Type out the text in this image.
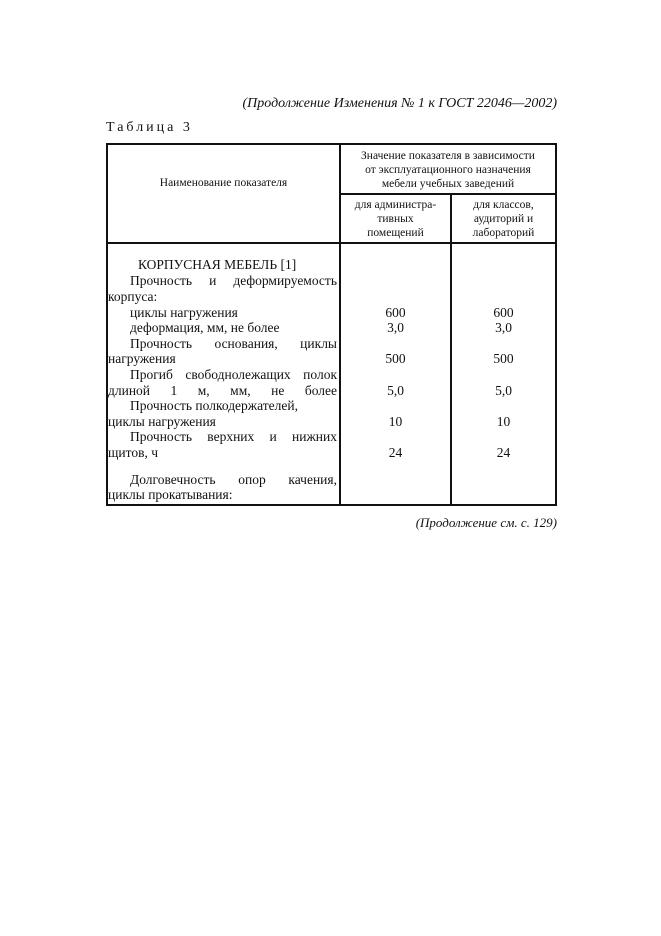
(Продолжение Изменения № 1 к ГОСТ 22046—2002)
Таблица 3
Наименование показателя
Значение показателя в зависимости
от эксплуатационного назначения
мебели учебных заведений
для администра-
тивных
помещений
для классов,
аудиторий и
лабораторий
КОРПУСНАЯ МЕБЕЛЬ [1]
Прочность и деформируемость
корпуса:
циклы нагружения	600	600
деформация, мм, не более	3,0	3,0
Прочность основания, циклы
нагружения	500	500
Прогиб свободнолежащих полок
длиной 1 м, мм, не более	5,0	5,0
Прочность полкодержателей,
циклы нагружения	10	10
Прочность верхних и нижних
щитов, ч	24	24
Долговечность опор качения,
циклы прокатывания:
(Продолжение см. с. 129)
